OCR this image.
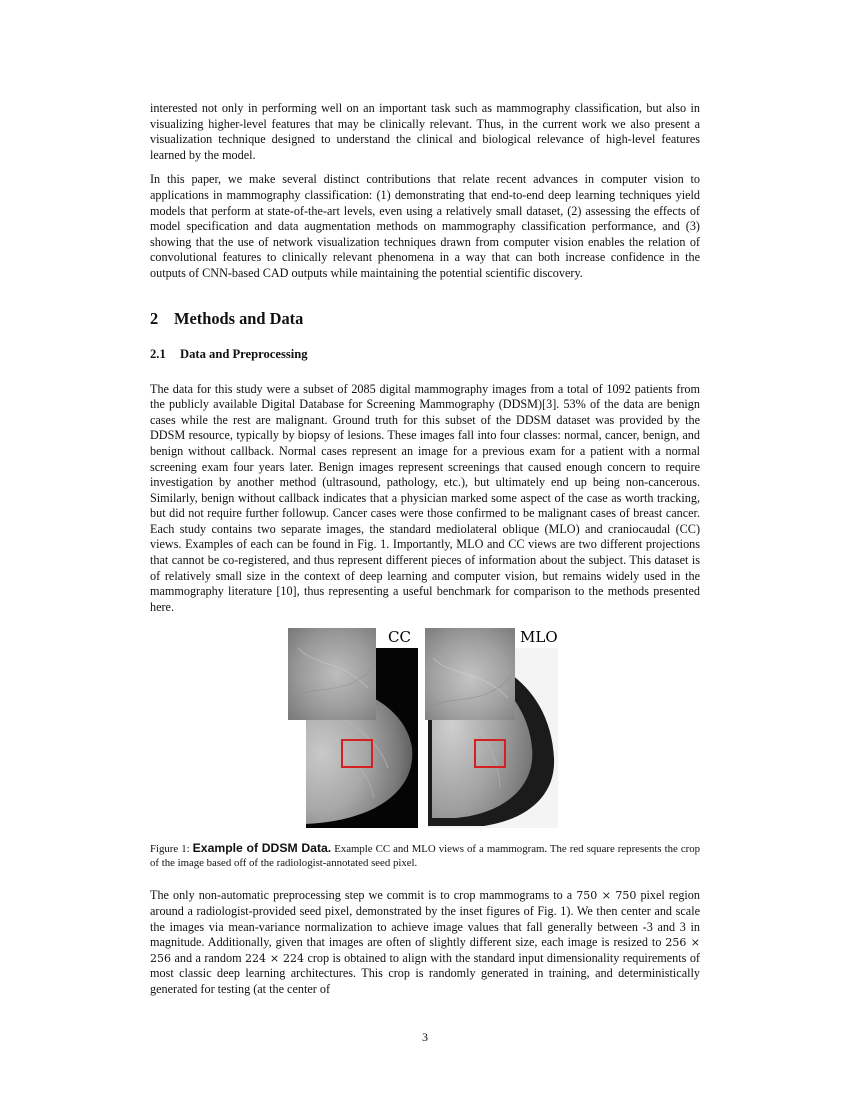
interested not only in performing well on an important task such as mammography classification, but also in visualizing higher-level features that may be clinically relevant. Thus, in the current work we also present a visualization technique designed to understand the clinical and biological relevance of high-level features learned by the model.

In this paper, we make several distinct contributions that relate recent advances in computer vision to applications in mammography classification: (1) demonstrating that end-to-end deep learning techniques yield models that perform at state-of-the-art levels, even using a relatively small dataset, (2) assessing the effects of model specification and data augmentation methods on mammography classification performance, and (3) showing that the use of network visualization techniques drawn from computer vision enables the relation of convolutional features to clinically relevant phenomena in a way that can both increase confidence in the outputs of CNN-based CAD outputs while maintaining the potential scientific discovery.

2 Methods and Data
2.1 Data and Preprocessing

The data for this study were a subset of 2085 digital mammography images from a total of 1092 patients from the publicly available Digital Database for Screening Mammography (DDSM)[3]. 53% of the data are benign cases while the rest are malignant. Ground truth for this subset of the DDSM dataset was provided by the DDSM resource, typically by biopsy of lesions. These images fall into four classes: normal, cancer, benign, and benign without callback. Normal cases represent an image for a previous exam for a patient with a normal screening exam four years later. Benign images represent screenings that caused enough concern to require investigation by another method (ultrasound, pathology, etc.), but ultimately end up being non-cancerous. Similarly, benign without callback indicates that a physician marked some aspect of the case as worth tracking, but did not require further followup. Cancer cases were those confirmed to be malignant cases of breast cancer. Each study contains two separate images, the standard mediolateral oblique (MLO) and craniocaudal (CC) views. Examples of each can be found in Fig. 1. Importantly, MLO and CC views are two different projections that cannot be co-registered, and thus represent different pieces of information about the subject. This dataset is of relatively small size in the context of deep learning and computer vision, but remains widely used in the mammography literature [10], thus representing a useful benchmark for comparison to the methods presented here.

CC	MLO

Figure 1: Example of DDSM Data. Example CC and MLO views of a mammogram. The red square represents the crop of the image based off of the radiologist-annotated seed pixel.

The only non-automatic preprocessing step we commit is to crop mammograms to a 750 × 750 pixel region around a radiologist-provided seed pixel, demonstrated by the inset figures of Fig. 1). We then center and scale the images via mean-variance normalization to achieve image values that fall generally between -3 and 3 in magnitude. Additionally, given that images are often of slightly different size, each image is resized to 256 × 256 and a random 224 × 224 crop is obtained to align with the standard input dimensionality requirements of most classic deep learning architectures. This crop is randomly generated in training, and deterministically generated for testing (at the center of

3
